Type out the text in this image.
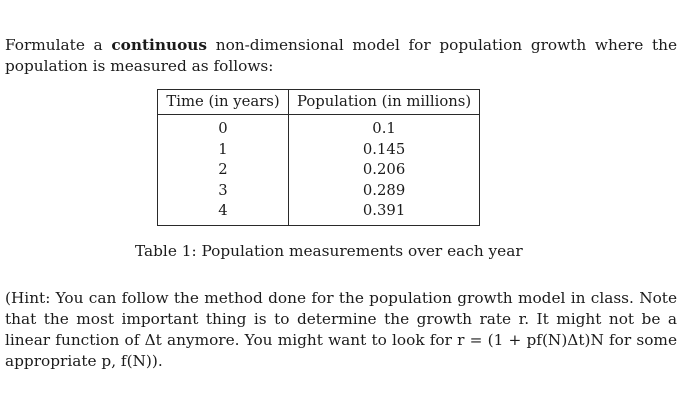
Formulate a continuous non-dimensional model for population growth where the population is measured as follows:

Time (in years)	Population (in millions)
0	0.1
1	0.145
2	0.206
3	0.289
4	0.391

Table 1: Population measurements over each year

(Hint: You can follow the method done for the population growth model in class. Note that the most important thing is to determine the growth rate r. It might not be a linear function of Δt anymore. You might want to look for r = (1 + pf(N)Δt)N for some appropriate p, f(N)).
